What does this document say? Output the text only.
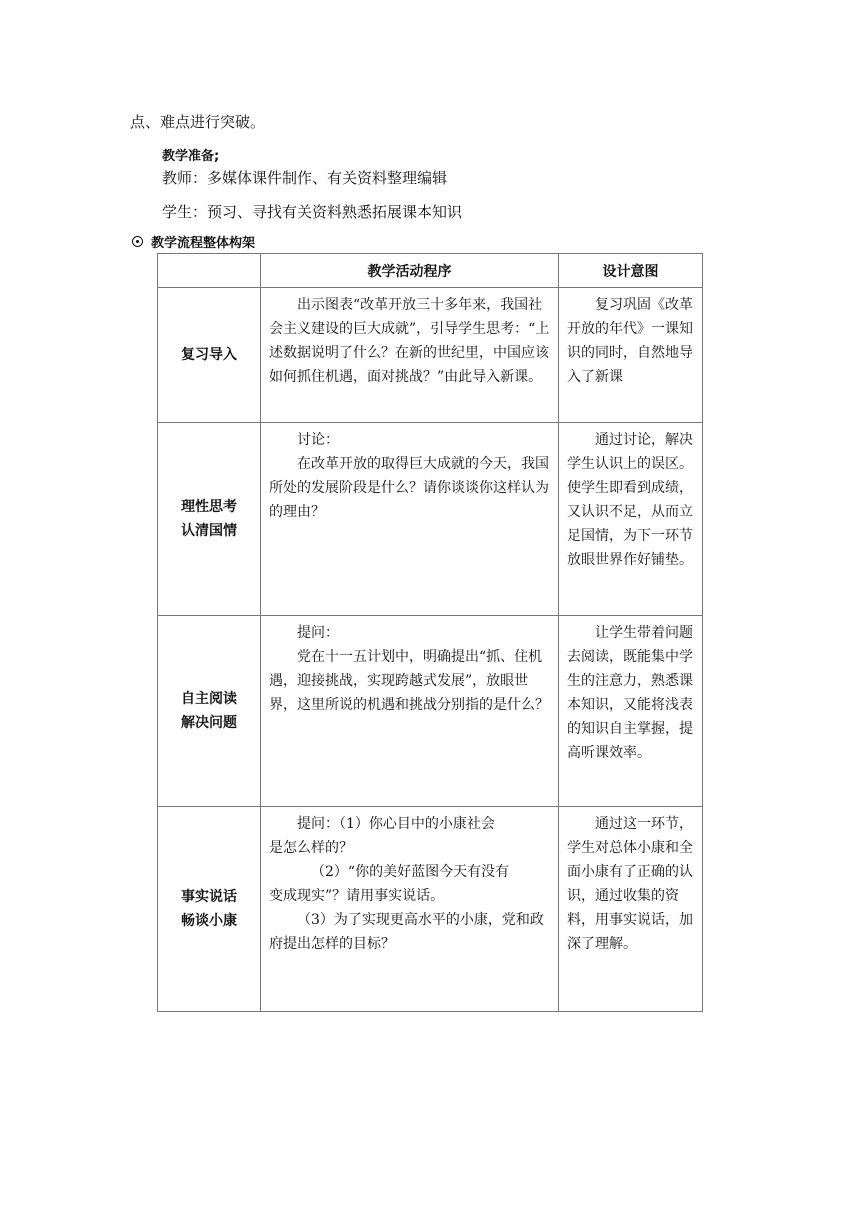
点、难点进行突破。
教学准备;
教师：多媒体课件制作、有关资料整理编辑
学生：预习、寻找有关资料熟悉拓展课本知识
教学流程整体构架
	教学活动程序	设计意图

复习导入	出示图表“改革开放三十多年来，我国社会主义建设的巨大成就”，引导学生思考：“上述数据说明了什么？在新的世纪里，中国应该如何抓住机遇，面对挑战？”由此导入新课。	复习巩固《改革开放的年代》一课知识的同时，自然地导入了新课

理性思考
认清国情	讨论：
在改革开放的取得巨大成就的今天，我国所处的发展阶段是什么？请你谈谈你这样认为的理由？	通过讨论，解决学生认识上的误区。使学生即看到成绩，又认识不足，从而立足国情，为下一环节放眼世界作好铺垫。

自主阅读
解决问题	提问：
党在十一五计划中，明确提出“抓、住机遇，迎接挑战，实现跨越式发展”，放眼世界，这里所说的机遇和挑战分别指的是什么？	让学生带着问题去阅读，既能集中学生的注意力，熟悉课本知识，又能将浅表的知识自主掌握，提高听课效率。

事实说话
畅谈小康	提问：（1）你心目中的小康社会
是怎么样的？
（2）“你的美好蓝图今天有没有
变成现实”？请用事实说话。
（3）为了实现更高水平的小康，党和政府提出怎样的目标？	通过这一环节，学生对总体小康和全面小康有了正确的认识，通过收集的资料，用事实说话，加深了理解。
